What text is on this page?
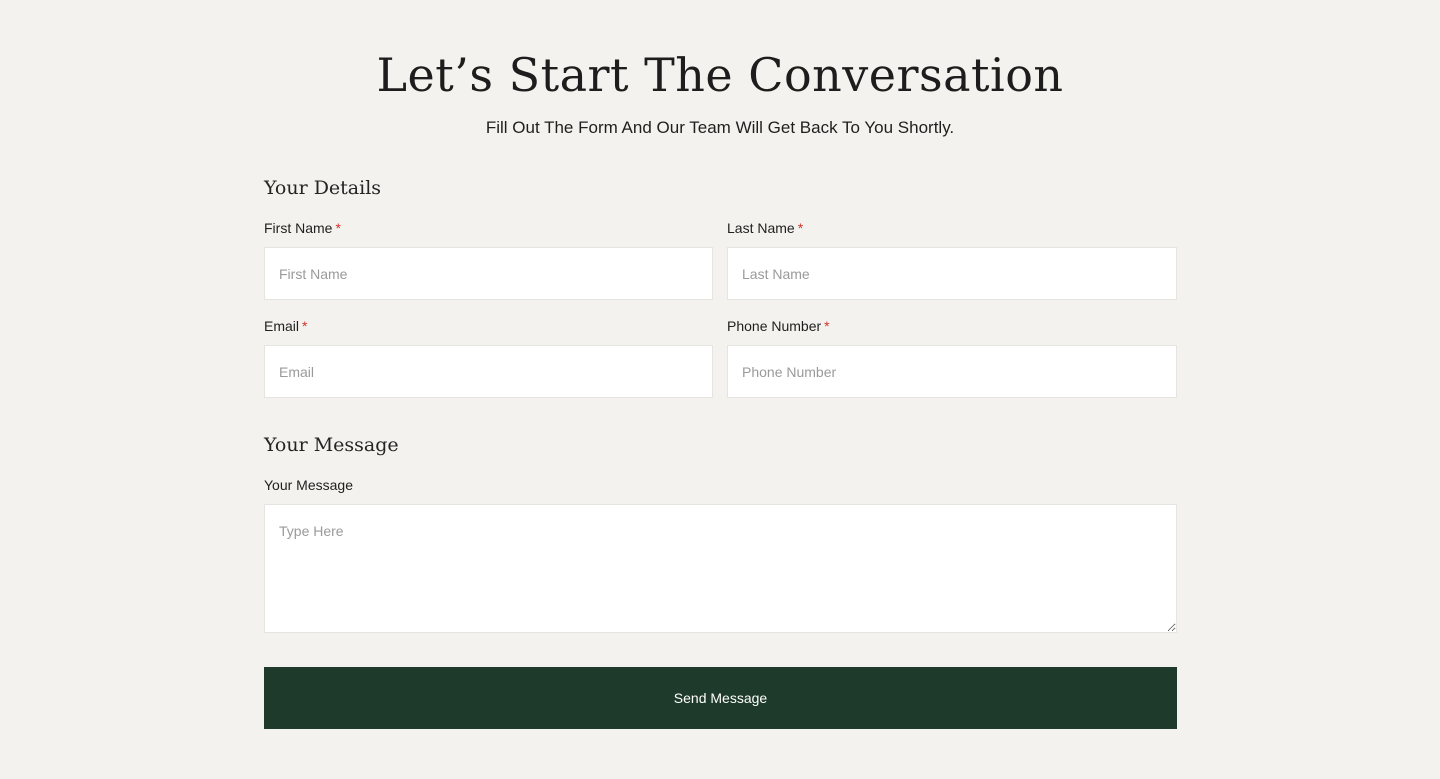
Let’s Start The Conversation

Fill Out The Form And Our Team Will Get Back To You Shortly.

Your Details
First Name *
First Name	Last Name *
Last Name
Email *
Email	Phone Number *
Phone Number
Your Message
Your Message
Type Here
Send Message
